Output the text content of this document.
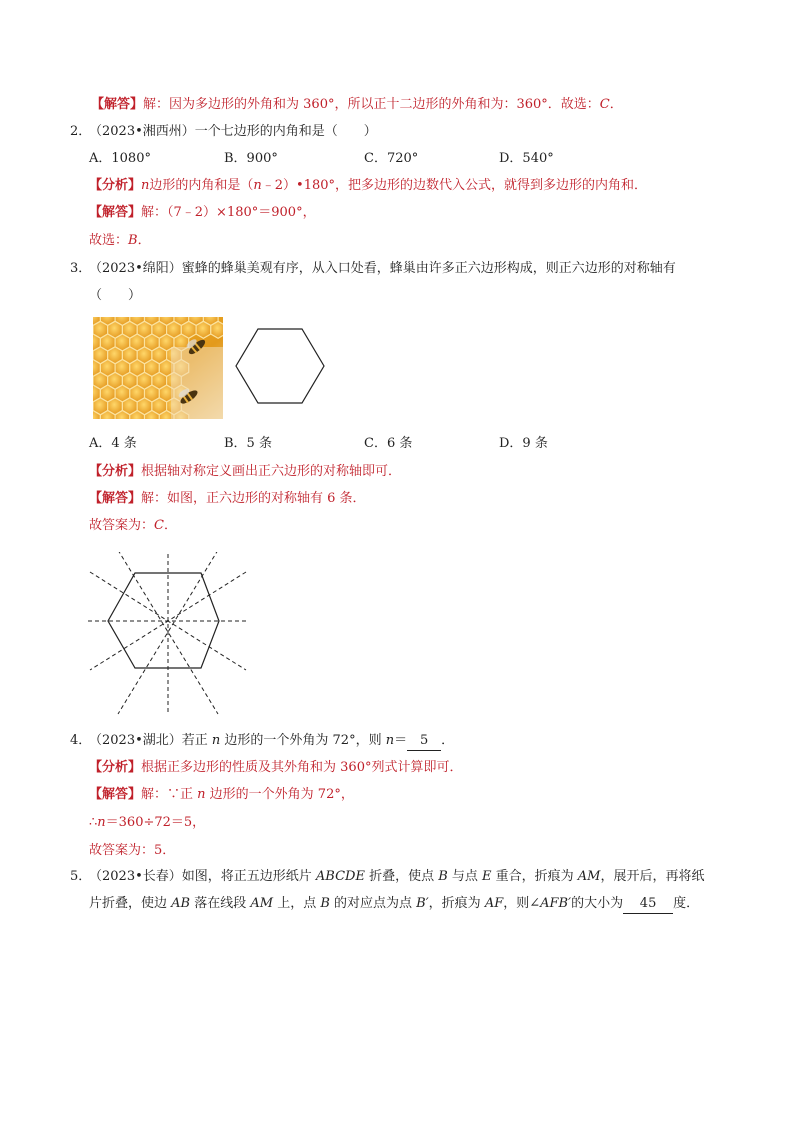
【解答】解：因为多边形的外角和为 360°，所以正十二边形的外角和为：360°．故选：C．
2．
（2023•湘西州）一个七边形的内角和是（　　）
A．1080°	B．900°	C．720°	D．540°
【分析】n边形的内角和是（n﹣2）•180°，把多边形的边数代入公式，就得到多边形的内角和．
【解答】解：（7﹣2）×180°＝900°，
故选：B．
3．
（2023•绵阳）蜜蜂的蜂巢美观有序，从入口处看，蜂巢由许多正六边形构成，则正六边形的对称轴有
（　　）
A．4 条	B．5 条	C．6 条	D．9 条
【分析】根据轴对称定义画出正六边形的对称轴即可．
【解答】解：如图，正六边形的对称轴有 6 条．
故答案为：C．
4．
（2023•湖北）若正 n 边形的一个外角为 72°，则 n＝ 5 ．
【分析】根据正多边形的性质及其外角和为 360°列式计算即可．
【解答】解：∵正 n 边形的一个外角为 72°，
∴n＝360÷72＝5，
故答案为：5．
5．
（2023•长春）如图，将正五边形纸片 ABCDE 折叠，使点 B 与点 E 重合，折痕为 AM，展开后，再将纸
片折叠，使边 AB 落在线段 AM 上，点 B 的对应点为点 B′，折痕为 AF，则∠AFB′的大小为 45 度．
